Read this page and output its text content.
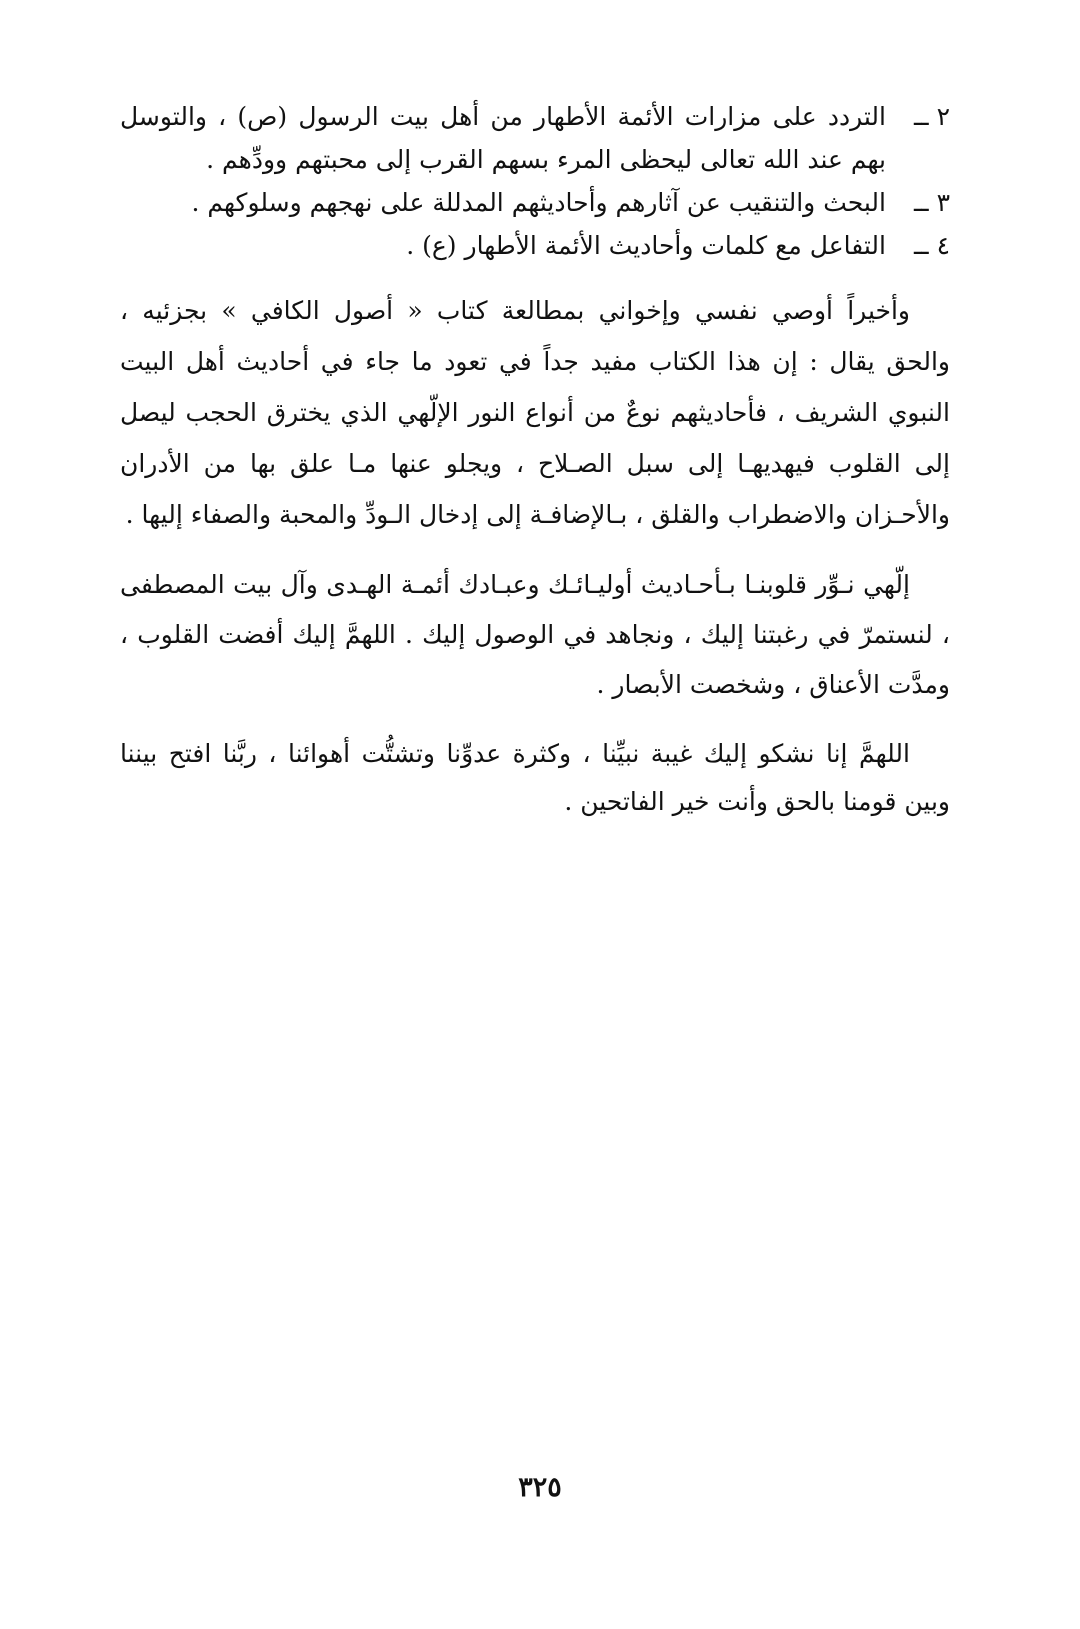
٢ ــ
التردد على مزارات الأئمة الأطهار من أهل بيت الرسول (ص) ، والتوسل بهم عند الله تعالى ليحظى المرء بسهم القرب إلى محبتهم وودِّهم .
٣ ــ
البحث والتنقيب عن آثارهم وأحاديثهم المدللة على نهجهم وسلوكهم .
٤ ــ
التفاعل مع كلمات وأحاديث الأئمة الأطهار (ع) .

وأخيراً أوصي نفسي وإخواني بمطالعة كتاب « أصول الكافي » بجزئيه ، والحق يقال : إن هذا الكتاب مفيد جداً في تعود ما جاء في أحاديث أهل البيت النبوي الشريف ، فأحاديثهم نوعٌ من أنواع النور الإلّهي الذي يخترق الحجب ليصل إلى القلوب فيهديهـا إلى سبل الصـلاح ، ويجلو عنها مـا علق بها من الأدران والأحـزان والاضطراب والقلق ، بـالإضافـة إلى إدخال الـودِّ والمحبة والصفاء إليها .

إلّهي نـوِّر قلوبنـا بـأحـاديث أوليـائـك وعبـادك أئمـة الهـدى وآل بيت المصطفى ، لنستمرّ في رغبتنا إليك ، ونجاهد في الوصول إليك . اللهمَّ إليك أفضت القلوب ، ومدَّت الأعناق ، وشخصت الأبصار .

اللهمَّ إنا نشكو إليك غيبة نبيِّنا ، وكثرة عدوِّنا وتشتُّت أهوائنا ، ربَّنا افتح بيننا وبين قومنا بالحق وأنت خير الفاتحين .

٣٢٥
